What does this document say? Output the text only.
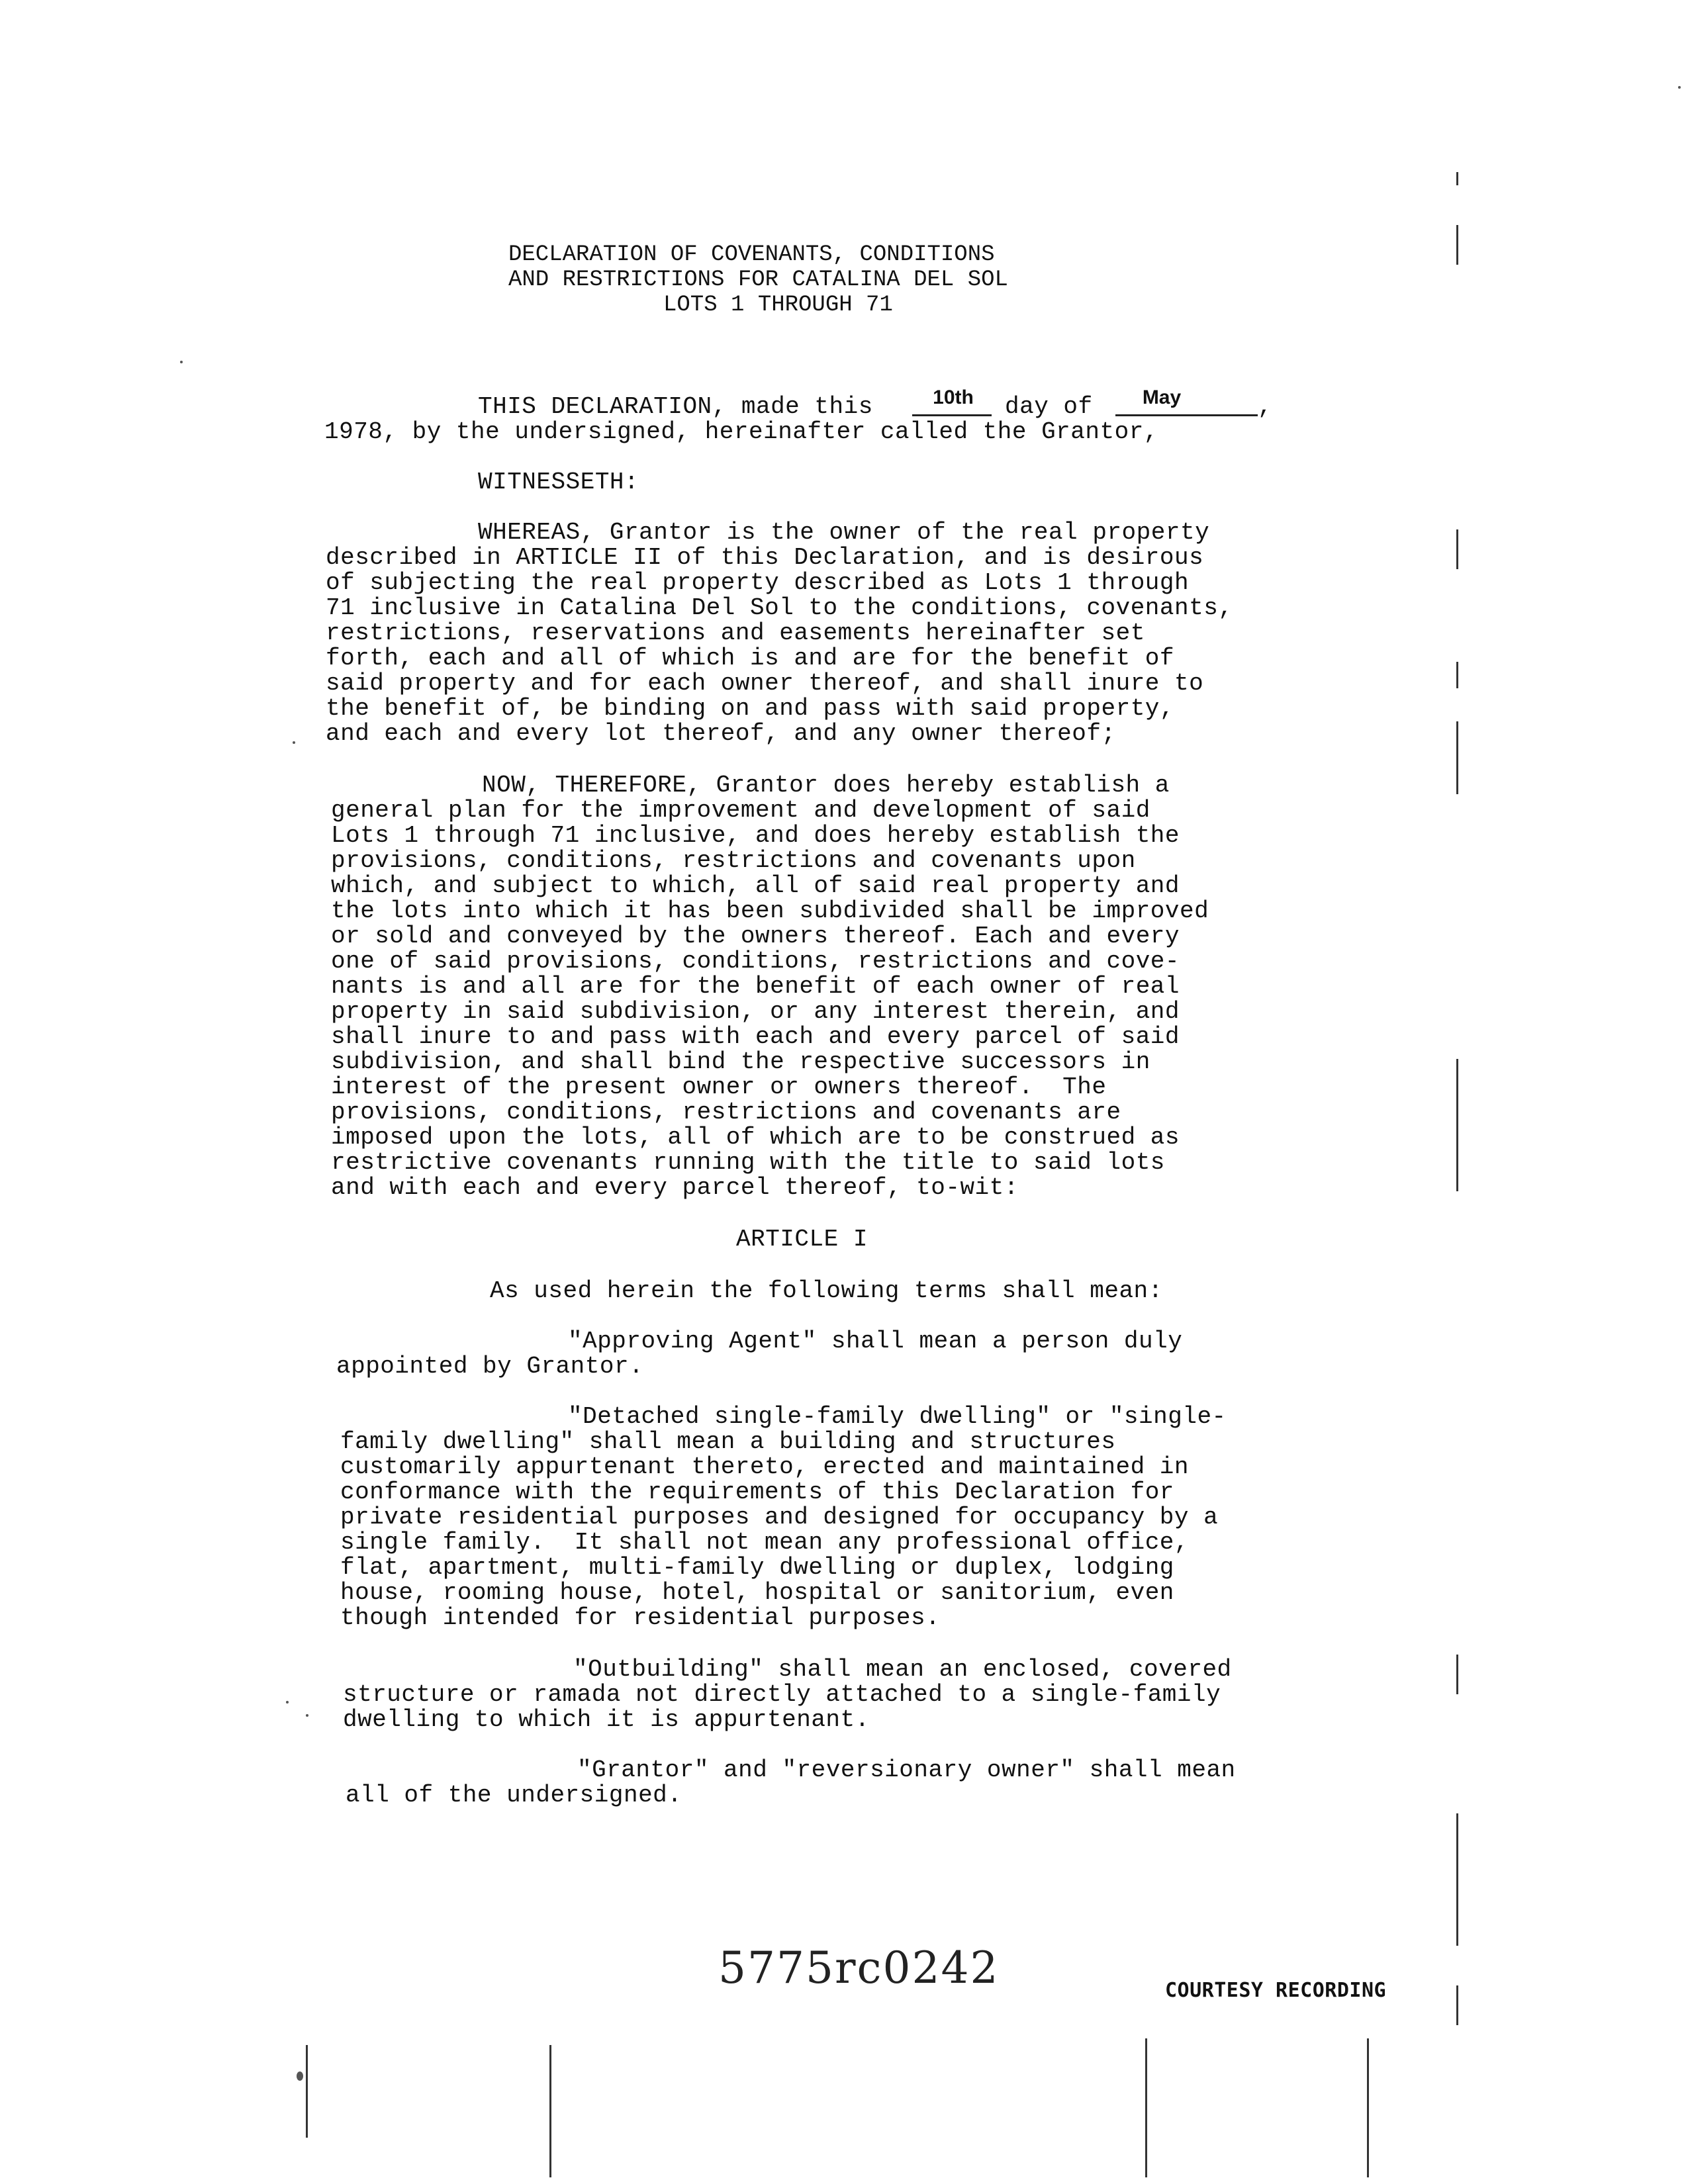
DECLARATION OF COVENANTS, CONDITIONS
AND RESTRICTIONS FOR CATALINA DEL SOL
LOTS 1 THROUGH 71
THIS DECLARATION, made this	10th	day of	May	,
1978, by the undersigned, hereinafter called the Grantor,
WITNESSETH:
WHEREAS, Grantor is the owner of the real property
described in ARTICLE II of this Declaration, and is desirous
of subjecting the real property described as Lots 1 through
71 inclusive in Catalina Del Sol to the conditions, covenants,
restrictions, reservations and easements hereinafter set
forth, each and all of which is and are for the benefit of
said property and for each owner thereof, and shall inure to
the benefit of, be binding on and pass with said property,
and each and every lot thereof, and any owner thereof;
NOW, THEREFORE, Grantor does hereby establish a
general plan for the improvement and development of said
Lots 1 through 71 inclusive, and does hereby establish the
provisions, conditions, restrictions and covenants upon
which, and subject to which, all of said real property and
the lots into which it has been subdivided shall be improved
or sold and conveyed by the owners thereof. Each and every
one of said provisions, conditions, restrictions and cove-
nants is and all are for the benefit of each owner of real
property in said subdivision, or any interest therein, and
shall inure to and pass with each and every parcel of said
subdivision, and shall bind the respective successors in
interest of the present owner or owners thereof.  The
provisions, conditions, restrictions and covenants are
imposed upon the lots, all of which are to be construed as
restrictive covenants running with the title to said lots
and with each and every parcel thereof, to-wit:
ARTICLE I
As used herein the following terms shall mean:
"Approving Agent" shall mean a person duly
appointed by Grantor.
"Detached single-family dwelling" or "single-
family dwelling" shall mean a building and structures
customarily appurtenant thereto, erected and maintained in
conformance with the requirements of this Declaration for
private residential purposes and designed for occupancy by a
single family.  It shall not mean any professional office,
flat, apartment, multi-family dwelling or duplex, lodging
house, rooming house, hotel, hospital or sanitorium, even
though intended for residential purposes.
"Outbuilding" shall mean an enclosed, covered
structure or ramada not directly attached to a single-family
dwelling to which it is appurtenant.
"Grantor" and "reversionary owner" shall mean
all of the undersigned.
5775rc0242	COURTESY RECORDING
